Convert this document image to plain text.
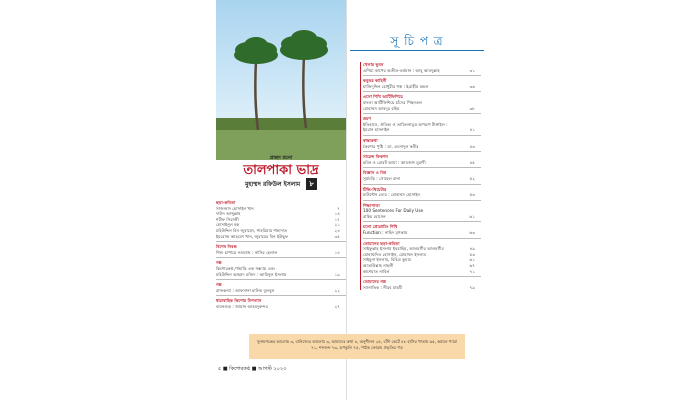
প্রচ্ছদ রচনা
তালপাকা ভাদ্র
মুহাম্মদ রফিউল ইসলাম ৮
ছড়া-কবিতা
সাজজাদ হোসাইন খান	৭
দাউদ আব্দুল্লাহ	১৪
শরীফ সিরাজী	১৭
হোসাইনুল হক	২১
মহিউদ্দিন বিন জুবায়েদ, শাহরিয়ার শাহাদাত	২৪
ইমরোজ আহমেদ খান, জুবায়ের বিন ইউছুফ	৩৫
বিশেষ নিবন্ধ
শিশু চাপায়ে নওয়াজ : নাসির হেলাল	১৪
গল্প
কিশোরকণ্ঠ,পাহাড়ি এক সন্ধ্যায় এবং
মহিউদ্দিন আহমদ মজিদ : আমিনুল ইসলাম	১৯
গল্প
রাজকন্যা : আফসানা হালিম বুলবুল	২২
ধারাবাহিক কিশোর উপন্যাস
বাবনগুড় : জামান আহমদুরুন্দর	২৭
সূ চি প ত্র
খেলার ভুবন
এশিয়া কাপের অতীত-বর্তমান : আবু আবদুল্লাহ	৩১
কবুতর কাহিনী
মাজিদুদ্দিন চোধুরীর গল্প : ইব্রাহীম মন্ডল	৩৬
এসো শিখি আর্টিফিশিয়ে
বাংলা আর্টিফিশিয়ে চাঁদের পিছনতল
মোহাম্মদ আবদুর রহিম	৩৮
ভ্রমণ
ইতিহাসে, ঐতিহ্য ও তামিলনাডুর অপরূপ টাঙ্গাইল :
ইমরান হাসনাইন	৪১
স্বাস্থ্যকথা
কৈশোর পুষ্টি : ডা. এমদাদুল কবীর	৪৩
সায়েন্স ফিকশন
রবিন ও রোবট আমা : আমজাদ মুরাদী	৪৫
বিজ্ঞান ও বিশ্ব
সূর্যঘড়ি : সোহেল রানা	৫২
টিভি-থিয়েটার
মাউন্টেন ডোর : মোহাম্মদ হোসাইন	৫৩
শিক্ষাপাতা
100 Sentences For Daily Use
রাহিম হোসেন	৬১
চলো প্রোগ্রামিং শিখি
Function : নাহিদ মৃগকায়	৬৩
তোমাদের ছড়া-কবিতা
সাইফুল্লাহ ইসলাম ইবরাহিম, আলমগীর আলমগীর	৪৯
মোহাম্মদিত হোসাইন, মোহাম্মদ ইসলাম	৫৩
সাইমুনা ইসলাম, বিচিত্র কুমার	৬১
আতাউল্লাহ নাহলী	৬৭
কাশেমাত নাবিল	৭১
তোমাদের গল্প
স্যানাতিক : নীরব মাহমী	৭৯
সুনামগঞ্জের আলোয় ৩, বানিজ্যের আলোয় ৩, আমাদের কথা ৪, অনুশীলন ২৫, বাঁশি কেটে ৪৮ হাসির খাতায় ৬৫, কমানে প্যারা ৭১, শব্দজব্দ ৭৩, রূপকুলি ৭৫, পাঠক ফোরাম প্রভৃতির পত্র
৫ ■ কিশোরকণ্ঠ ■ আগস্ট ২০২৩
